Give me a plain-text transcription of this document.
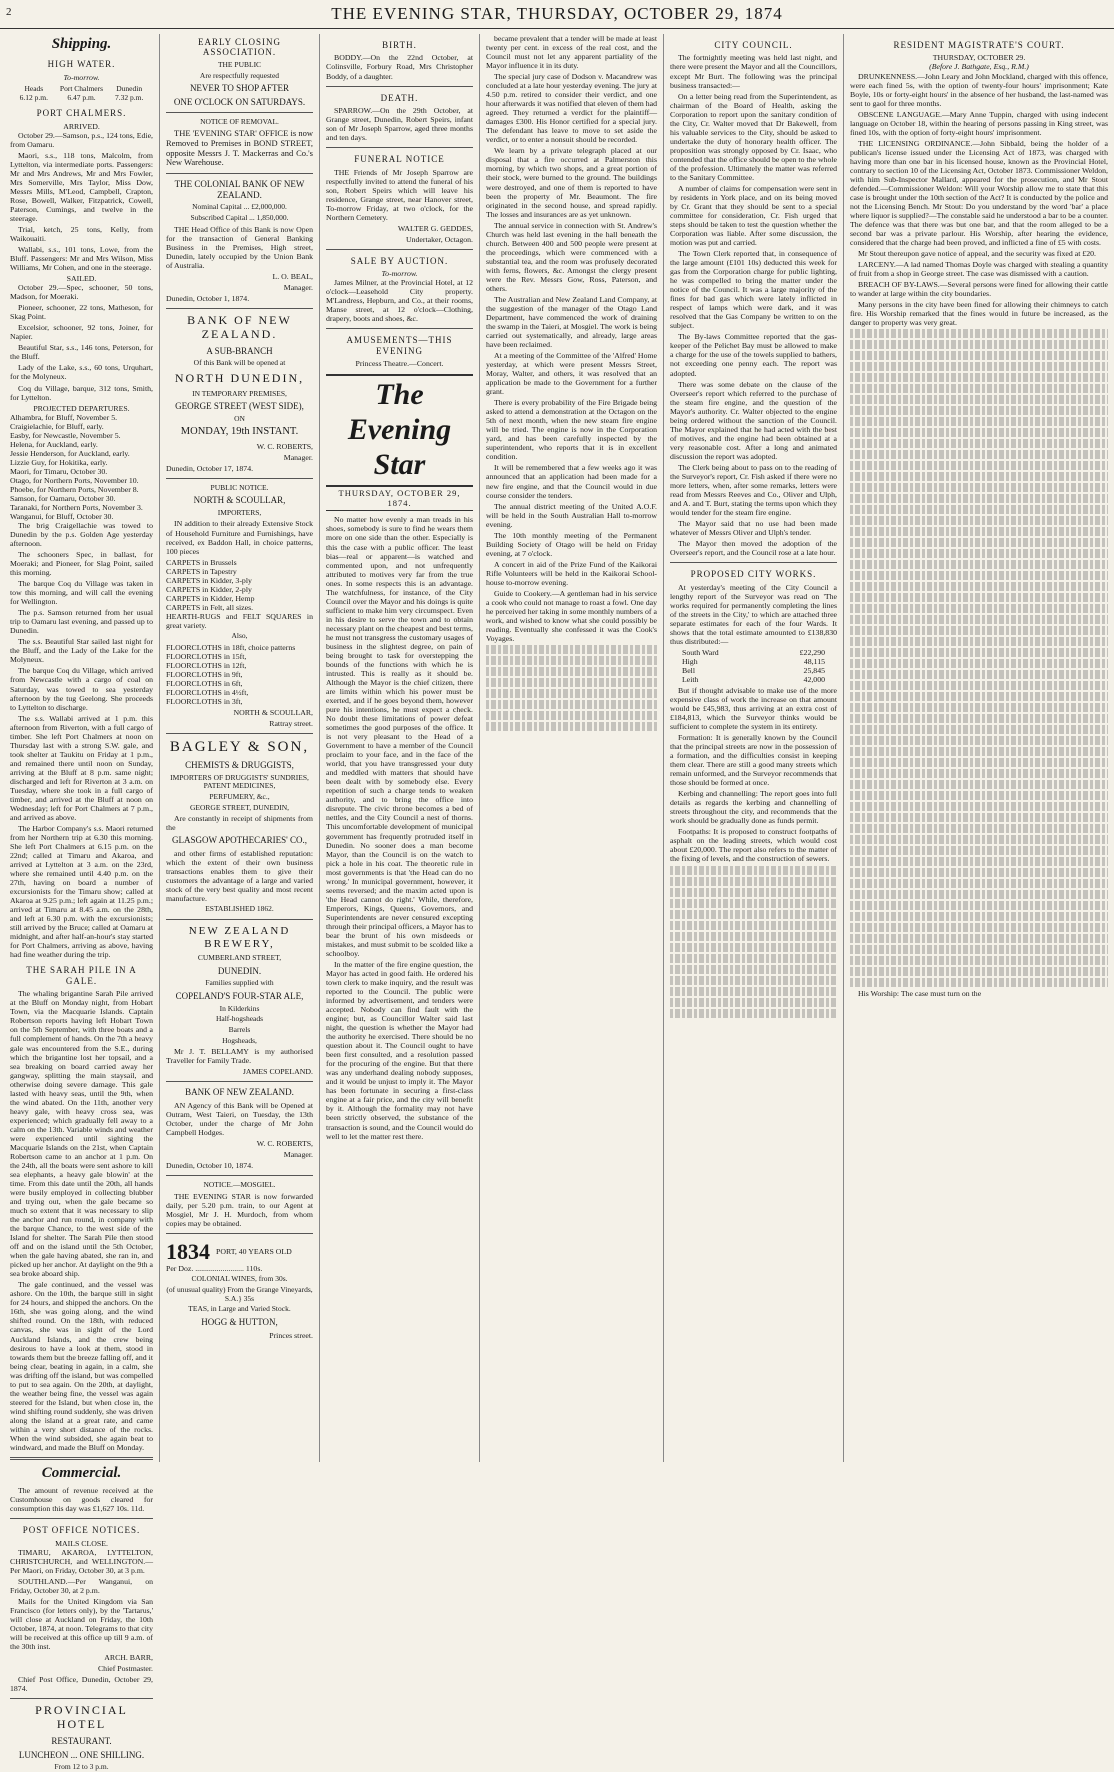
2	THE EVENING STAR, THURSDAY, OCTOBER 29, 1874
Shipping.
HIGH WATER.
To-morrow.
Heads	Port Chalmers	Dunedin
6.12 p.m.	6.47 p.m.	7.32 p.m.
PORT CHALMERS.
ARRIVED.

October 29.—Samson, p.s., 124 tons, Edie, from Oamaru.

Maori, s.s., 118 tons, Malcolm, from Lyttelton, via intermediate ports. Passengers: Mr and Mrs Andrews, Mr and Mrs Fowler, Mrs Somerville, Mrs Taylor, Miss Dow, Messrs Mills, M'Leod, Campbell, Crapton, Rose, Bowell, Walker, Fitzpatrick, Cowell, Paterson, Cumings, and twelve in the steerage.

Trial, ketch, 25 tons, Kelly, from Waikouaiti.

Wallabi, s.s., 101 tons, Lowe, from the Bluff. Passengers: Mr and Mrs Wilson, Miss Williams, Mr Cohen, and one in the steerage.

SAILED.

October 29.—Spec, schooner, 50 tons, Madson, for Moeraki.

Pioneer, schooner, 22 tons, Matheson, for Skag Point.

Excelsior, schooner, 92 tons, Joiner, for Napier.

Beautiful Star, s.s., 146 tons, Peterson, for the Bluff.

Lady of the Lake, s.s., 60 tons, Urquhart, for the Molyneux.

Coq du Village, barque, 312 tons, Smith, for Lyttelton.

PROJECTED DEPARTURES.

Alhambra, for Bluff, November 5.

Craigielachie, for Bluff, early.

Easby, for Newcastle, November 5.

Helena, for Auckland, early.

Jessie Henderson, for Auckland, early.

Lizzie Guy, for Hokitika, early.

Maori, for Timaru, October 30.

Otago, for Northern Ports, November 10.

Phoebe, for Northern Ports, November 8.

Samson, for Oamaru, October 30.

Taranaki, for Northern Ports, November 3.

Wanganui, for Bluff, October 30.

The brig Craigellachie was towed to Dunedin by the p.s. Golden Age yesterday afternoon.

The schooners Spec, in ballast, for Moeraki; and Pioneer, for Slag Point, sailed this morning.

The barque Coq du Village was taken in tow this morning, and will call the evening for Wellington.

The p.s. Samson returned from her usual trip to Oamaru last evening, and passed up to Dunedin.

The s.s. Beautiful Star sailed last night for the Bluff, and the Lady of the Lake for the Molyneux.

The barque Coq du Village, which arrived from Newcastle with a cargo of coal on Saturday, was towed to sea yesterday afternoon by the tug Geelong. She proceeds to Lyttelton to discharge.

The s.s. Wallabi arrived at 1 p.m. this afternoon from Riverton, with a full cargo of timber. She left Port Chalmers at noon on Thursday last with a strong S.W. gale, and took shelter at Taukitu on Friday at 1 p.m., and remained there until noon on Sunday, arriving at the Bluff at 8 p.m. same night; discharged and left for Riverton at 3 a.m. on Tuesday, where she took in a full cargo of timber, and arrived at the Bluff at noon on Wednesday; left for Port Chalmers at 7 p.m., and arrived as above.

The Harbor Company's s.s. Maori returned from her Northern trip at 6.30 this morning. She left Port Chalmers at 6.15 p.m. on the 22nd; called at Timaru and Akaroa, and arrived at Lyttelton at 3 a.m. on the 23rd, where she remained until 4.40 p.m. on the 27th, having on board a number of excursionists for the Timaru show; called at Akaroa at 9.25 p.m.; left again at 11.25 p.m.; arrived at Timaru at 8.45 a.m. on the 28th, and left at 6.30 p.m. with the excursionists; still arrived by the Bruce; called at Oamaru at midnight, and after half-an-hour's stay started for Port Chalmers, arriving as above, having had fine weather during the trip.

THE SARAH PILE IN A GALE.

The whaling brigantine Sarah Pile arrived at the Bluff on Monday night, from Hobart Town, via the Macquarie Islands. Captain Robertson reports having left Hobart Town on the 5th September, with three boats and a full complement of hands. On the 7th a heavy gale was encountered from the S.E., during which the brigantine lost her topsail, and a sea breaking on board carried away her gangway, splitting the main staysail, and otherwise doing severe damage. This gale lasted with heavy seas, until the 9th, when the wind abated. On the 11th, another very heavy gale, with heavy cross sea, was experienced; which gradually fell away to a calm on the 13th. Variable winds and weather were experienced until sighting the Macquarie Islands on the 21st, when Captain Robertson came to an anchor at 1 p.m. On the 24th, all the boats were sent ashore to kill sea elephants, a heavy gale blowin' at the time. From this date until the 20th, all hands were busily employed in collecting blubber and trying out, when the gale became so much so extent that it was necessary to slip the anchor and run round, in company with the barque Chance, to the west side of the Island for shelter. The Sarah Pile then stood off and on the island until the 5th October, when the gale having abated, she ran in, and picked up her anchor. At daylight on the 9th a sea broke aboard ship.

The gale continued, and the vessel was ashore. On the 10th, the barque still in sight for 24 hours, and shipped the anchors. On the 16th, she was going along, and the wind shifted round. On the 18th, with reduced canvas, she was in sight of the Lord Auckland Islands, and the crew being desirous to have a look at them, stood in towards them but the breeze falling off, and it being clear, beating in again, in a calm, she was drifting off the island, but was compelled to put to sea again. On the 20th, at daylight, the weather being fine, the vessel was again steered for the Island, but when close in, the wind shifting round suddenly, she was driven along the island at a great rate, and came within a very short distance of the rocks. When the wind subsided, she again beat to windward, and made the Bluff on Monday.

Commercial.

The amount of revenue received at the Customhouse on goods cleared for consumption this day was £1,627 10s. 11d.

POST OFFICE NOTICES.
MAILS CLOSE.

TIMARU, AKAROA, LYTTELTON, CHRISTCHURCH, and WELLINGTON.—Per Maori, on Friday, October 30, at 3 p.m.

SOUTHLAND.—Per Wanganui, on Friday, October 30, at 2 p.m.

Mails for the United Kingdom via San Francisco (for letters only), by the 'Tartarus,' will close at Auckland on Friday, the 10th October, 1874, at noon. Telegrams to that city will be received at this office up till 9 a.m. of the 30th inst.

ARCH. BARR,
Chief Postmaster.

Chief Post Office, Dunedin, October 29, 1874.

PROVINCIAL HOTEL
RESTAURANT.
LUNCHEON ... ONE SHILLING.
From 12 to 3 p.m.
EARLY CLOSING ASSOCIATION.
THE PUBLIC
Are respectfully requested
NEVER TO SHOP AFTER
ONE O'CLOCK ON SATURDAYS.
NOTICE OF REMOVAL.

THE 'EVENING STAR' OFFICE is now Removed to Premises in BOND STREET, opposite Messrs J. T. Mackerras and Co.'s New Warehouse.

THE COLONIAL BANK OF NEW ZEALAND.
Nominal Capital ... £2,000,000.
Subscribed Capital ... 1,850,000.

THE Head Office of this Bank is now Open for the transaction of General Banking Business in the Premises, High street, Dunedin, lately occupied by the Union Bank of Australia.

L. O. BEAL,
Manager.
Dunedin, October 1, 1874.
BANK OF NEW ZEALAND.
A SUB-BRANCH
Of this Bank will be opened at
NORTH DUNEDIN,
IN TEMPORARY PREMISES,
GEORGE STREET (WEST SIDE),
ON
MONDAY, 19th INSTANT.
W. C. ROBERTS,
Manager.
Dunedin, October 17, 1874.
PUBLIC NOTICE.
NORTH & SCOULLAR,
IMPORTERS,

IN addition to their already Extensive Stock of Household Furniture and Furnishings, have received, ex Baddon Hall, in choice patterns, 100 pieces

CARPETS in Brussels

CARPETS in Tapestry

CARPETS in Kidder, 3-ply

CARPETS in Kidder, 2-ply

CARPETS in Kidder, Hemp

CARPETS in Felt, all sizes.

HEARTH-RUGS and FELT SQUARES in great variety.

Also,

FLOORCLOTHS in 18ft, choice patterns

FLOORCLOTHS in 15ft,

FLOORCLOTHS in 12ft,

FLOORCLOTHS in 9ft,

FLOORCLOTHS in 6ft,

FLOORCLOTHS in 4½ft,

FLOORCLOTHS in 3ft,

NORTH & SCOULLAR,
Rattray street.
BAGLEY & SON,
CHEMISTS & DRUGGISTS,
IMPORTERS OF DRUGGISTS' SUNDRIES, PATENT MEDICINES,
PERFUMERY, &c.,
GEORGE STREET, DUNEDIN,

Are constantly in receipt of shipments from the

GLASGOW APOTHECARIES' CO.,

and other firms of established reputation: which the extent of their own business transactions enables them to give their customers the advantage of a large and varied stock of the very best quality and most recent manufacture.

ESTABLISHED 1862.
NEW ZEALAND BREWERY,
CUMBERLAND STREET,
DUNEDIN.
Families supplied with
COPELAND'S FOUR-STAR ALE,
In Kilderkins
Half-hogsheads
Barrels
Hogsheads,

Mr J. T. BELLAMY is my authorised Traveller for Family Trade.

JAMES COPELAND.
BANK OF NEW ZEALAND.

AN Agency of this Bank will be Opened at Outram, West Taieri, on Tuesday, the 13th October, under the charge of Mr John Campbell Hodges.

W. C. ROBERTS,
Manager.
Dunedin, October 10, 1874.
NOTICE.—MOSGIEL.

THE EVENING STAR is now forwarded daily, per 5.20 p.m. train, to our Agent at Mosgiel, Mr J. H. Murdoch, from whom copies may be obtained.

1834 PORT, 40 YEARS OLD
Per Doz. ......................... 110s.
COLONIAL WINES, from 30s.
(of unusual quality) From the Grange Vineyards, S.A.} 35s
TEAS, in Large and Varied Stock.
HOGG & HUTTON,
Princes street.
BIRTH.

BODDY.—On the 22nd October, at Colinsville, Forbury Road, Mrs Christopher Boddy, of a daughter.

DEATH.

SPARROW.—On the 29th October, at Grange street, Dunedin, Robert Speirs, infant son of Mr Joseph Sparrow, aged three months and ten days.

FUNERAL NOTICE

THE Friends of Mr Joseph Sparrow are respectfully invited to attend the funeral of his son, Robert Speirs which will leave his residence, Grange street, near Hanover street, To-morrow Friday, at two o'clock, for the Northern Cemetery.

WALTER G. GEDDES,
Undertaker, Octagon.
SALE BY AUCTION.
To-morrow.

James Milner, at the Provincial Hotel, at 12 o'clock—Leasehold City property. M'Landress, Hepburn, and Co., at their rooms, Manse street, at 12 o'clock—Clothing, drapery, boots and shoes, &c.

AMUSEMENTS—THIS EVENING
Princess Theatre.—Concert.
The Evening Star
THURSDAY, OCTOBER 29, 1874.

No matter how evenly a man treads in his shoes, somebody is sure to find he wears them more on one side than the other. Especially is this the case with a public officer. The least bias—real or apparent—is watched and commented upon, and not unfrequently attributed to motives very far from the true ones. In some respects this is an advantage. The watchfulness, for instance, of the City Council over the Mayor and his doings is quite sufficient to make him very circumspect. Even in his desire to serve the town and to obtain necessary plant on the cheapest and best terms, he must not transgress the customary usages of business in the slightest degree, on pain of being brought to task for overstepping the bounds of the functions with which he is intrusted. This is really as it should be. Although the Mayor is the chief citizen, there are limits within which his power must be exerted, and if he goes beyond them, however pure his intentions, he must expect a check. No doubt these limitations of power defeat sometimes the good purposes of the office. It is not very pleasant to the Head of a Government to have a member of the Council proclaim to your face, and in the face of the world, that you have transgressed your duty and meddled with matters that should have been dealt with by somebody else. Every repetition of such a charge tends to weaken authority, and to bring the office into disrepute. The civic throne becomes a bed of nettles, and the City Council a nest of thorns. This uncomfortable development of municipal government has frequently protruded itself in Dunedin. No sooner does a man become Mayor, than the Council is on the watch to pick a hole in his coat. The theoretic rule in most governments is that 'the Head can do no wrong.' In municipal government, however, it seems reversed; and the maxim acted upon is 'the Head cannot do right.' While, therefore, Emperors, Kings, Queens, Governors, and Superintendents are never censured excepting through their principal officers, a Mayor has to bear the brunt of his own misdeeds or mistakes, and must submit to be scolded like a schoolboy.

In the matter of the fire engine question, the Mayor has acted in good faith. He ordered his town clerk to make inquiry, and the result was reported to the Council. The public were informed by advertisement, and tenders were accepted. Nobody can find fault with the engine; but, as Councillor Walter said last night, the question is whether the Mayor had the authority he exercised. There should be no question about it. The Council ought to have been first consulted, and a resolution passed for the procuring of the engine. But that there was any underhand dealing nobody supposes, and it would be unjust to imply it. The Mayor has been fortunate in securing a first-class engine at a fair price, and the city will benefit by it. Although the formality may not have been strictly observed, the substance of the transaction is sound, and the Council would do well to let the matter rest there.

became prevalent that a tender will be made at least twenty per cent. in excess of the real cost, and the Council must not let any apparent partiality of the Mayor influence it in its duty.

The special jury case of Dodson v. Macandrew was concluded at a late hour yesterday evening. The jury at 4.50 p.m. retired to consider their verdict, and one hour afterwards it was notified that eleven of them had agreed. They returned a verdict for the plaintiff—damages £300. His Honor certified for a special jury. The defendant has leave to move to set aside the verdict, or to enter a nonsuit should be recorded.

We learn by a private telegraph placed at our disposal that a fire occurred at Palmerston this morning, by which two shops, and a great portion of their stock, were burned to the ground. The buildings were destroyed, and one of them is reported to have been the property of Mr. Beaumont. The fire originated in the second house, and spread rapidly. The losses and insurances are as yet unknown.

The annual service in connection with St. Andrew's Church was held last evening in the hall beneath the church. Between 400 and 500 people were present at the proceedings, which were commenced with a substantial tea, and the room was profusely decorated with ferns, flowers, &c. Amongst the clergy present were the Rev. Messrs Gow, Ross, Paterson, and others.

The Australian and New Zealand Land Company, at the suggestion of the manager of the Otago Land Department, have commenced the work of draining the swamp in the Taieri, at Mosgiel. The work is being carried out systematically, and already, large areas have been reclaimed.

At a meeting of the Committee of the 'Alfred' Home yesterday, at which were present Messrs Street, Moray, Walter, and others, it was resolved that an application be made to the Government for a further grant.

There is every probability of the Fire Brigade being asked to attend a demonstration at the Octagon on the 5th of next month, when the new steam fire engine will be tried. The engine is now in the Corporation yard, and has been carefully inspected by the superintendent, who reports that it is in excellent condition.

It will be remembered that a few weeks ago it was announced that an application had been made for a new fire engine, and that the Council would in due course consider the tenders.

The annual district meeting of the United A.O.F. will be held in the South Australian Hall to-morrow evening.

The 10th monthly meeting of the Permanent Building Society of Otago will be held on Friday evening, at 7 o'clock.

A concert in aid of the Prize Fund of the Kaikorai Rifle Volunteers will be held in the Kaikorai School-house to-morrow evening.

Guide to Cookery.—A gentleman had in his service a cook who could not manage to roast a fowl. One day he perceived her taking in some monthly numbers of a work, and wished to know what she could possibly be reading. Eventually she confessed it was the Cook's Voyages.

CITY COUNCIL.

The fortnightly meeting was held last night, and there were present the Mayor and all the Councillors, except Mr Burt. The following was the principal business transacted:—

On a letter being read from the Superintendent, as chairman of the Board of Health, asking the Corporation to report upon the sanitary condition of the City, Cr. Walter moved that Dr Bakewell, from his valuable services to the City, should be asked to undertake the duty of honorary health officer. The proposition was strongly opposed by Cr. Isaac, who contended that the office should be open to the whole of the profession. Ultimately the matter was referred to the Sanitary Committee.

A number of claims for compensation were sent in by residents in York place, and on its being moved by Cr. Grant that they should be sent to a special committee for consideration, Cr. Fish urged that steps should be taken to test the question whether the Corporation was liable. After some discussion, the motion was put and carried.

The Town Clerk reported that, in consequence of the large amount (£101 10s) deducted this week for gas from the Corporation charge for public lighting, he was compelled to bring the matter under the notice of the Council. It was a large majority of the fines for bad gas which were lately inflicted in respect of lamps which were dark, and it was resolved that the Gas Company be written to on the subject.

The By-laws Committee reported that the gas-keeper of the Pelichet Bay must be allowed to make a charge for the use of the towels supplied to bathers, not exceeding one penny each. The report was adopted.

There was some debate on the clause of the Overseer's report which referred to the purchase of the steam fire engine, and the question of the Mayor's authority. Cr. Walter objected to the engine being ordered without the sanction of the Council. The Mayor explained that he had acted with the best of motives, and the engine had been obtained at a very reasonable cost. After a long and animated discussion the report was adopted.

The Clerk being about to pass on to the reading of the Surveyor's report, Cr. Fish asked if there were no more letters, when, after some remarks, letters were read from Messrs Reeves and Co., Oliver and Ulph, and A. and T. Burt, stating the terms upon which they would tender for the steam fire engine.

The Mayor said that no use had been made whatever of Messrs Oliver and Ulph's tender.

The Mayor then moved the adoption of the Overseer's report, and the Council rose at a late hour.

PROPOSED CITY WORKS.

At yesterday's meeting of the City Council a lengthy report of the Surveyor was read on 'The works required for permanently completing the lines of the streets in the City,' to which are attached three separate estimates for each of the four Wards. It shows that the total estimate amounted to £138,830 thus distributed:—

South Ward	£22,290
High	48,115
Bell	25,845
Leith	42,000

But if thought advisable to make use of the more expensive class of work the increase on that amount would be £45,983, thus arriving at an extra cost of £184,813, which the Surveyor thinks would be sufficient to complete the system in its entirety.

Formation: It is generally known by the Council that the principal streets are now in the possession of a formation, and the difficulties consist in keeping them clear. There are still a good many streets which remain unformed, and the Surveyor recommends that those should be formed at once.

Kerbing and channelling: The report goes into full details as regards the kerbing and channelling of streets throughout the city, and recommends that the work should be gradually done as funds permit.

Footpaths: It is proposed to construct footpaths of asphalt on the leading streets, which would cost about £20,000. The report also refers to the matter of the fixing of levels, and the construction of sewers.

RESIDENT MAGISTRATE'S COURT.
THURSDAY, OCTOBER 29.
(Before J. Bathgate, Esq., R.M.)

DRUNKENNESS.—John Leary and John Mockland, charged with this offence, were each fined 5s, with the option of twenty-four hours' imprisonment; Kate Boyle, 10s or forty-eight hours' in the absence of her husband, the last-named was sent to gaol for three months.

OBSCENE LANGUAGE.—Mary Anne Tuppin, charged with using indecent language on October 18, within the hearing of persons passing in King street, was fined 10s, with the option of forty-eight hours' imprisonment.

THE LICENSING ORDINANCE.—John Sibbald, being the holder of a publican's license issued under the Licensing Act of 1873, was charged with having more than one bar in his licensed house, known as the Provincial Hotel, contrary to section 10 of the Licensing Act, October 1873. Commissioner Weldon, with him Sub-Inspector Mallard, appeared for the prosecution, and Mr Stout defended.—Commissioner Weldon: Will your Worship allow me to state that this case is brought under the 10th section of the Act? It is conducted by the police and not the Licensing Bench. Mr Stout: Do you understand by the word 'bar' a place where liquor is supplied?—The constable said he understood a bar to be a counter. The defence was that there was but one bar, and that the room alleged to be a second bar was a private parlour. His Worship, after hearing the evidence, considered that the charge had been proved, and inflicted a fine of £5 with costs.

Mr Stout thereupon gave notice of appeal, and the security was fixed at £20.

LARCENY.—A lad named Thomas Doyle was charged with stealing a quantity of fruit from a shop in George street. The case was dismissed with a caution.

BREACH OF BY-LAWS.—Several persons were fined for allowing their cattle to wander at large within the city boundaries.

Many persons in the city have been fined for allowing their chimneys to catch fire. His Worship remarked that the fines would in future be increased, as the danger to property was very great.

His Worship: The case must turn on the
